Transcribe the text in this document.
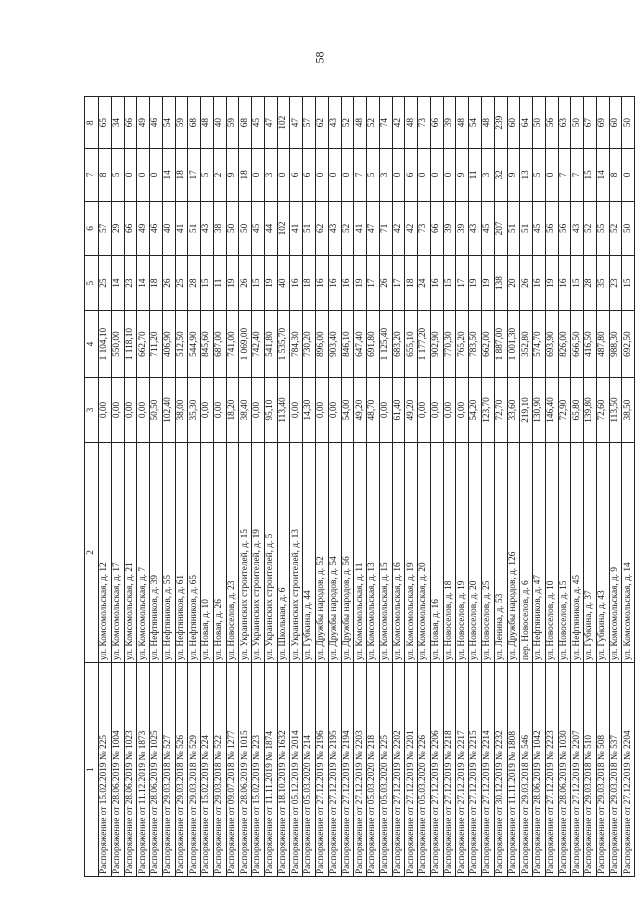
58
1	2	3	4	5	6	7	8
Распоряжение от 15.02.2019 № 225	ул. Комсомольская, д. 12	0,00	1 104,10	25	57	8	65
Распоряжение от 28.06.2019 № 1004	ул. Комсомольская, д. 17	0,00	550,00	14	29	5	34
Распоряжение от 28.06.2019 № 1023	ул. Комсомольская, д. 21	0,00	1 118,10	23	66	0	66
Распоряжение от 11.12.2019 № 1873	ул. Комсомольская, д. 7	0,00	662,70	14	49	0	49
Распоряжение от 28.06.2019 № 1025	ул. Нефтяников, д. 39	50,50	711,20	18	46	0	46
Распоряжение от 29.03.2018 № 527	ул. Нефтяников, д. 55	102,40	406,90	26	40	14	54
Распоряжение от 29.03.2018 № 526	ул. Нефтяников, д. 61	38,00	512,50	25	41	18	59
Распоряжение от 29.03.2018 № 529	ул. Нефтяников, д. 65	35,30	544,90	28	51	17	68
Распоряжение от 15.02.2019 № 224	ул. Новая, д. 10	0,00	845,60	15	43	5	48
Распоряжение от 29.03.2018 № 522	ул. Новая, д. 26	0,00	687,00	11	38	2	40
Распоряжение от 09.07.2018 № 1277	ул. Новоселов, д. 23	18,20	741,00	19	50	9	59
Распоряжение от 28.06.2019 № 1015	ул. Украинских строителей, д. 15	38,40	1 069,00	26	50	18	68
Распоряжение от 15.02.2019 № 223	ул. Украинских строителей, д. 19	0,00	742,40	15	45	0	45
Распоряжение от 11.11.2019 № 1874	ул. Украинских строителей, д. 5	95,10	541,80	19	44	3	47
Распоряжение от 18.10.2019 № 1632	ул. Школьная, д. 6	113,40	1 535,70	40	102	0	102
Распоряжение от 05.12.2019 № 2014	ул. Украинских строителей, д. 13	0,00	784,30	16	41	6	47
Распоряжение от 05.03.2020 № 214	ул. Губкина, д. 44	14,30	730,20	18	51	6	57
Распоряжение от 27.12.2019 № 2196	ул. Дружбы народов, д. 52	0,00	896,00	16	62	0	62
Распоряжение от 27.12.2019 № 2195	ул. Дружбы народов, д. 54	0,00	903,40	16	43	0	43
Распоряжение от 27.12.2019 № 2194	ул. Дружбы народов, д. 56	54,00	846,10	16	52	0	52
Распоряжение от 27.12.2019 № 2203	ул. Комсомольская, д. 11	49,20	647,40	19	41	7	48
Распоряжение от 05.03.2020 № 218	ул. Комсомольская, д. 13	48,70	691,80	17	47	5	52
Распоряжение от 05.03.2020 № 225	ул. Комсомольская, д. 15	0,00	1 125,40	26	71	3	74
Распоряжение от 27.12.2019 № 2202	ул. Комсомольская, д. 16	61,40	683,20	17	42	0	42
Распоряжение от 27.12.2019 № 2201	ул. Комсомольская, д. 19	49,20	655,10	18	42	6	48
Распоряжение от 05.03.2020 № 226	ул. Комсомольская, д. 20	0,00	1 177,20	24	73	0	73
Распоряжение от 27.12.2019 № 2206	ул. Новая, д. 16	0,00	902,90	16	66	0	66
Распоряжение от 27.12.2019 № 2218	ул. Новоселов, д. 18	0,00	770,30	15	39	0	39
Распоряжение от 27.12.2019 № 2217	ул. Новоселов, д. 19	0,00	765,20	17	39	9	48
Распоряжение от 27.12.2019 № 2215	ул. Новоселов, д. 20	54,20	783,50	19	43	11	54
Распоряжение от 27.12.2019 № 2214	ул. Новоселов, д. 25	123,70	662,00	19	45	3	48
Распоряжение от 30.12.2019 № 2232	ул. Ленина, д. 53	72,70	1 887,00	138	207	32	239
Распоряжение от 11.11.2019 № 1808	ул. Дружбы народов, д. 126	33,60	1 001,30	20	51	9	60
Распоряжение от 29.03.2018 № 546	пер. Новоселов, д. 6	219,10	352,80	26	51	13	64
Распоряжение от 28.06.2019 № 1042	ул. Нефтяников, д. 47	130,90	574,70	16	45	5	50
Распоряжение от 27.12.2019 № 2223	ул. Новоселов, д. 10	146,40	693,90	19	56	0	56
Распоряжение от 28.06.2019 № 1030	ул. Новоселов, д. 15	72,90	826,00	16	56	7	63
Распоряжение от 27.12.2019 № 2207	ул. Нефтяников, д. 45	65,80	666,50	15	43	7	50
Распоряжение от 29.03.2018 № 510	ул. Губкина, д. 37	139,80	416,50	28	52	15	67
Распоряжение от 29.03.2018 № 508	ул. Губкина, д. 43	72,60	487,80	35	55	14	69
Распоряжение от 29.03.2018 № 537	ул. Комсомольская, д. 9	113,50	988,30	23	52	8	60
Распоряжение от 27.12.2019 № 2204	ул. Комсомольская, д. 14	38,50	692,50	15	50	0	50
